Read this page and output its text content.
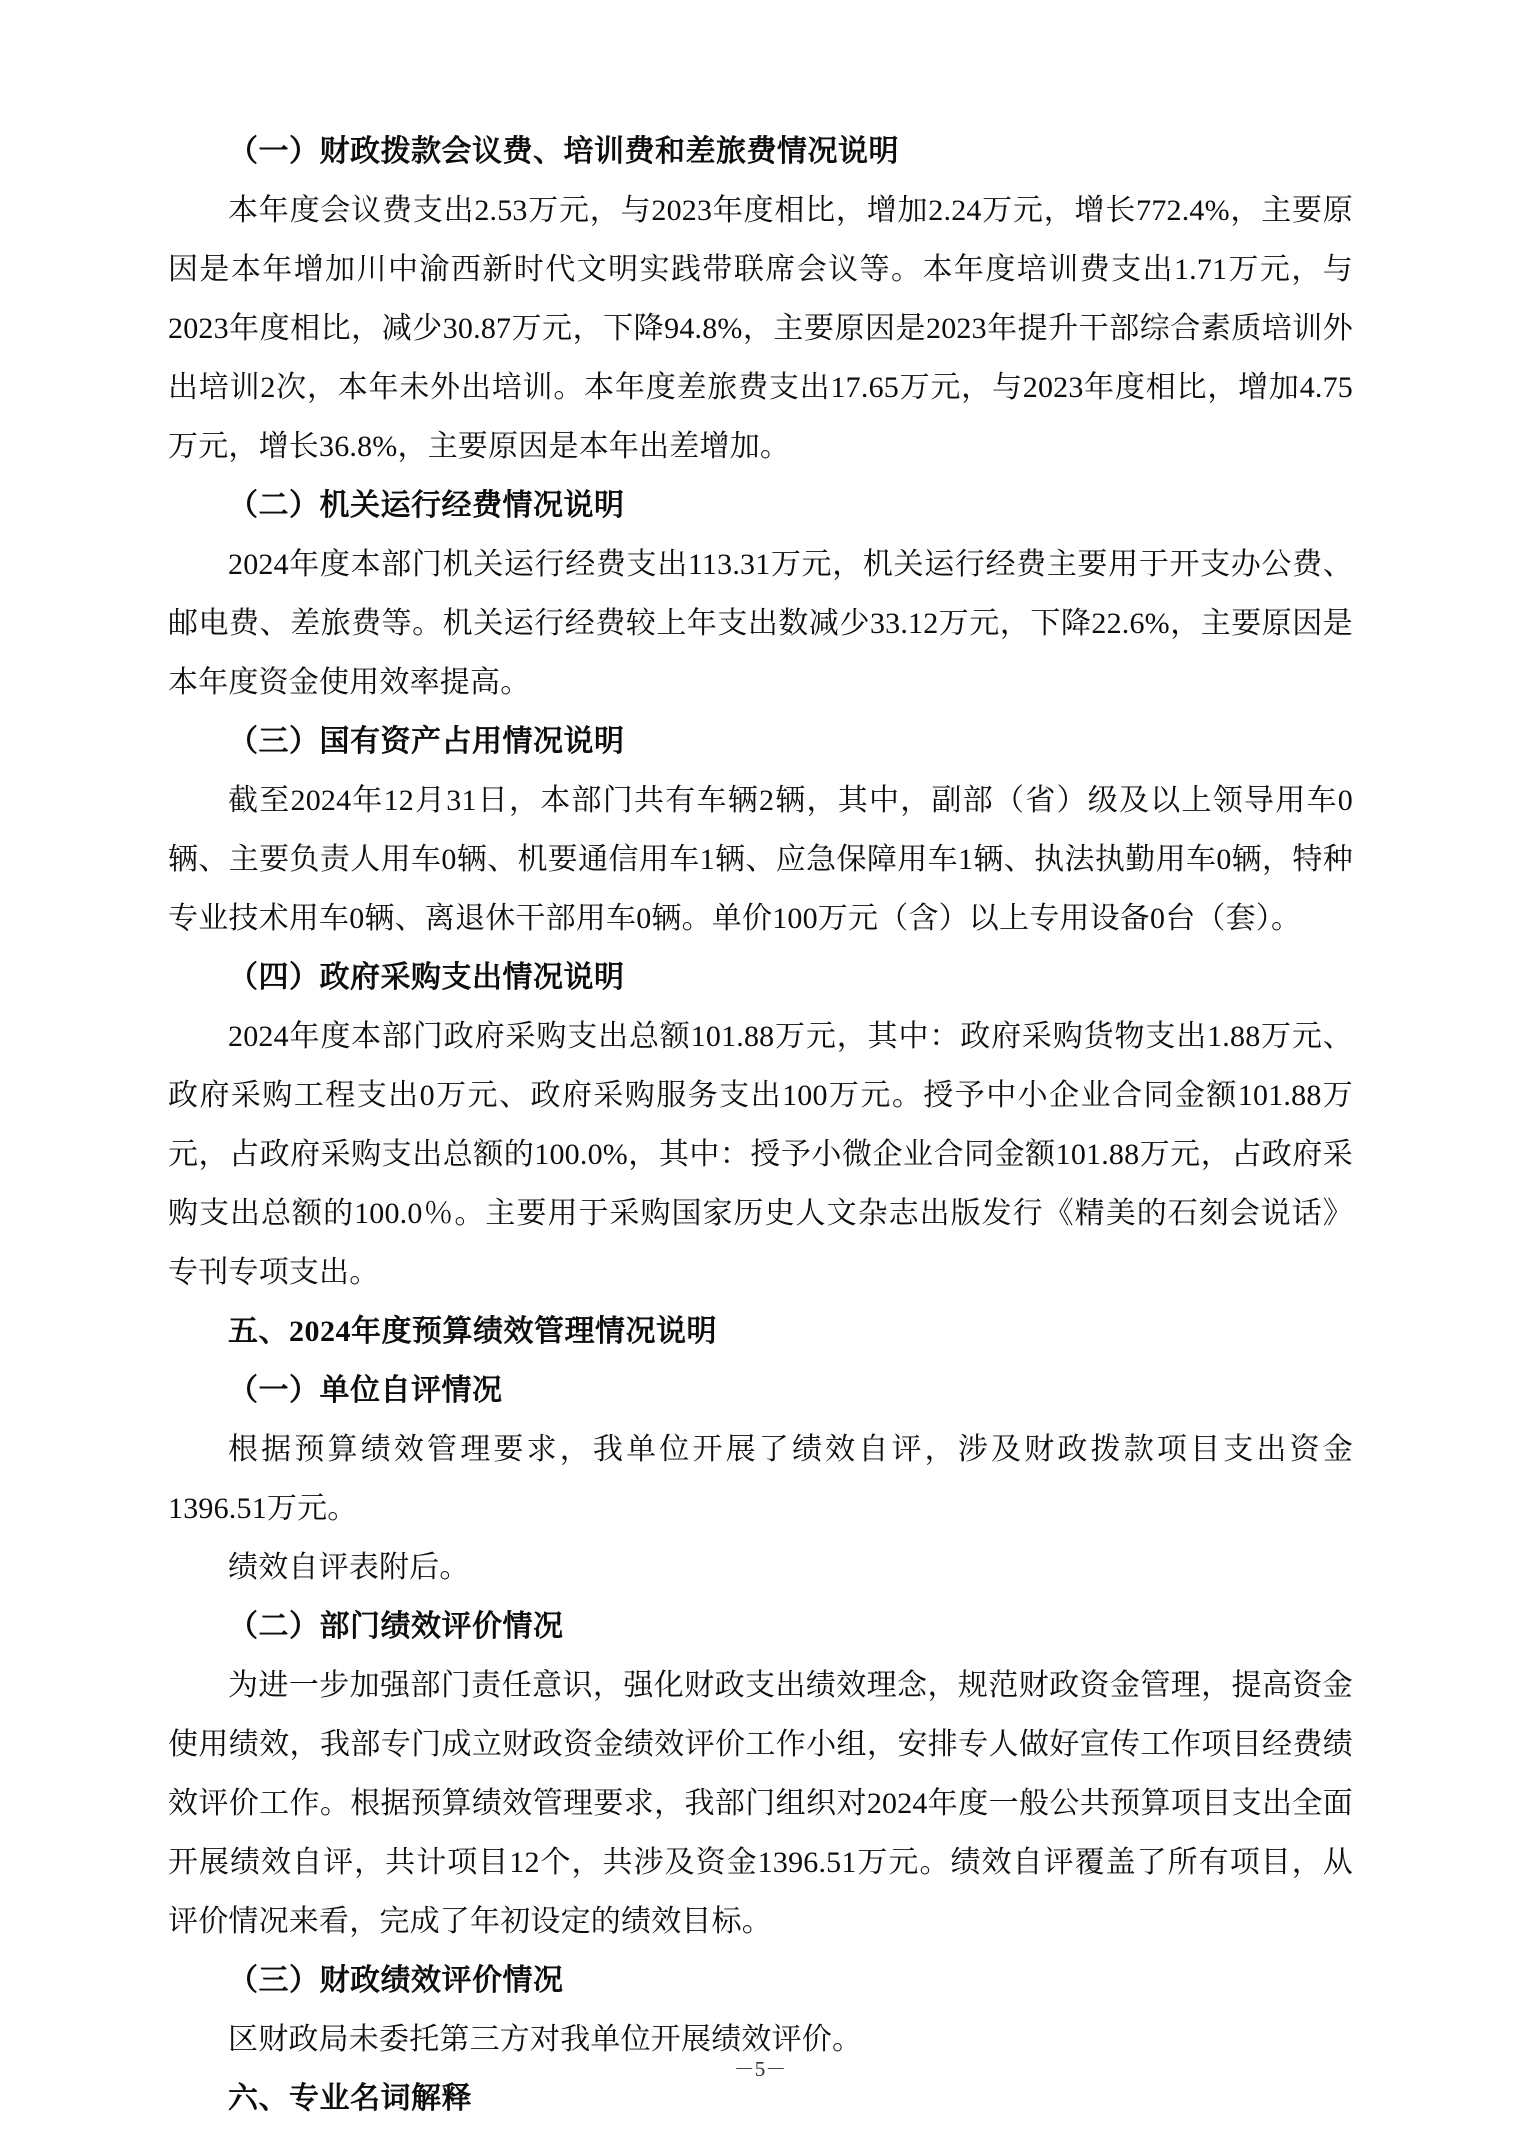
（一）财政拨款会议费、培训费和差旅费情况说明

本年度会议费支出2.53万元，与2023年度相比，增加2.24万元，增长772.4%，主要原因是本年增加川中渝西新时代文明实践带联席会议等。本年度培训费支出1.71万元，与2023年度相比，减少30.87万元，下降94.8%，主要原因是2023年提升干部综合素质培训外出培训2次，本年未外出培训。本年度差旅费支出17.65万元，与2023年度相比，增加4.75万元，增长36.8%，主要原因是本年出差增加。

（二）机关运行经费情况说明

2024年度本部门机关运行经费支出113.31万元，机关运行经费主要用于开支办公费、邮电费、差旅费等。机关运行经费较上年支出数减少33.12万元，下降22.6%，主要原因是本年度资金使用效率提高。

（三）国有资产占用情况说明

截至2024年12月31日，本部门共有车辆2辆，其中，副部（省）级及以上领导用车0辆、主要负责人用车0辆、机要通信用车1辆、应急保障用车1辆、执法执勤用车0辆，特种专业技术用车0辆、离退休干部用车0辆。单价100万元（含）以上专用设备0台（套）。

（四）政府采购支出情况说明

2024年度本部门政府采购支出总额101.88万元，其中：政府采购货物支出1.88万元、政府采购工程支出0万元、政府采购服务支出100万元。授予中小企业合同金额101.88万元，占政府采购支出总额的100.0%，其中：授予小微企业合同金额101.88万元，占政府采购支出总额的100.0％。主要用于采购国家历史人文杂志出版发行《精美的石刻会说话》专刊专项支出。

五、2024年度预算绩效管理情况说明

（一）单位自评情况

根据预算绩效管理要求，我单位开展了绩效自评，涉及财政拨款项目支出资金1396.51万元。

绩效自评表附后。

（二）部门绩效评价情况

为进一步加强部门责任意识，强化财政支出绩效理念，规范财政资金管理，提高资金使用绩效，我部专门成立财政资金绩效评价工作小组，安排专人做好宣传工作项目经费绩效评价工作。根据预算绩效管理要求，我部门组织对2024年度一般公共预算项目支出全面开展绩效自评，共计项目12个，共涉及资金1396.51万元。绩效自评覆盖了所有项目，从评价情况来看，完成了年初设定的绩效目标。

（三）财政绩效评价情况

区财政局未委托第三方对我单位开展绩效评价。

六、专业名词解释

－5－
